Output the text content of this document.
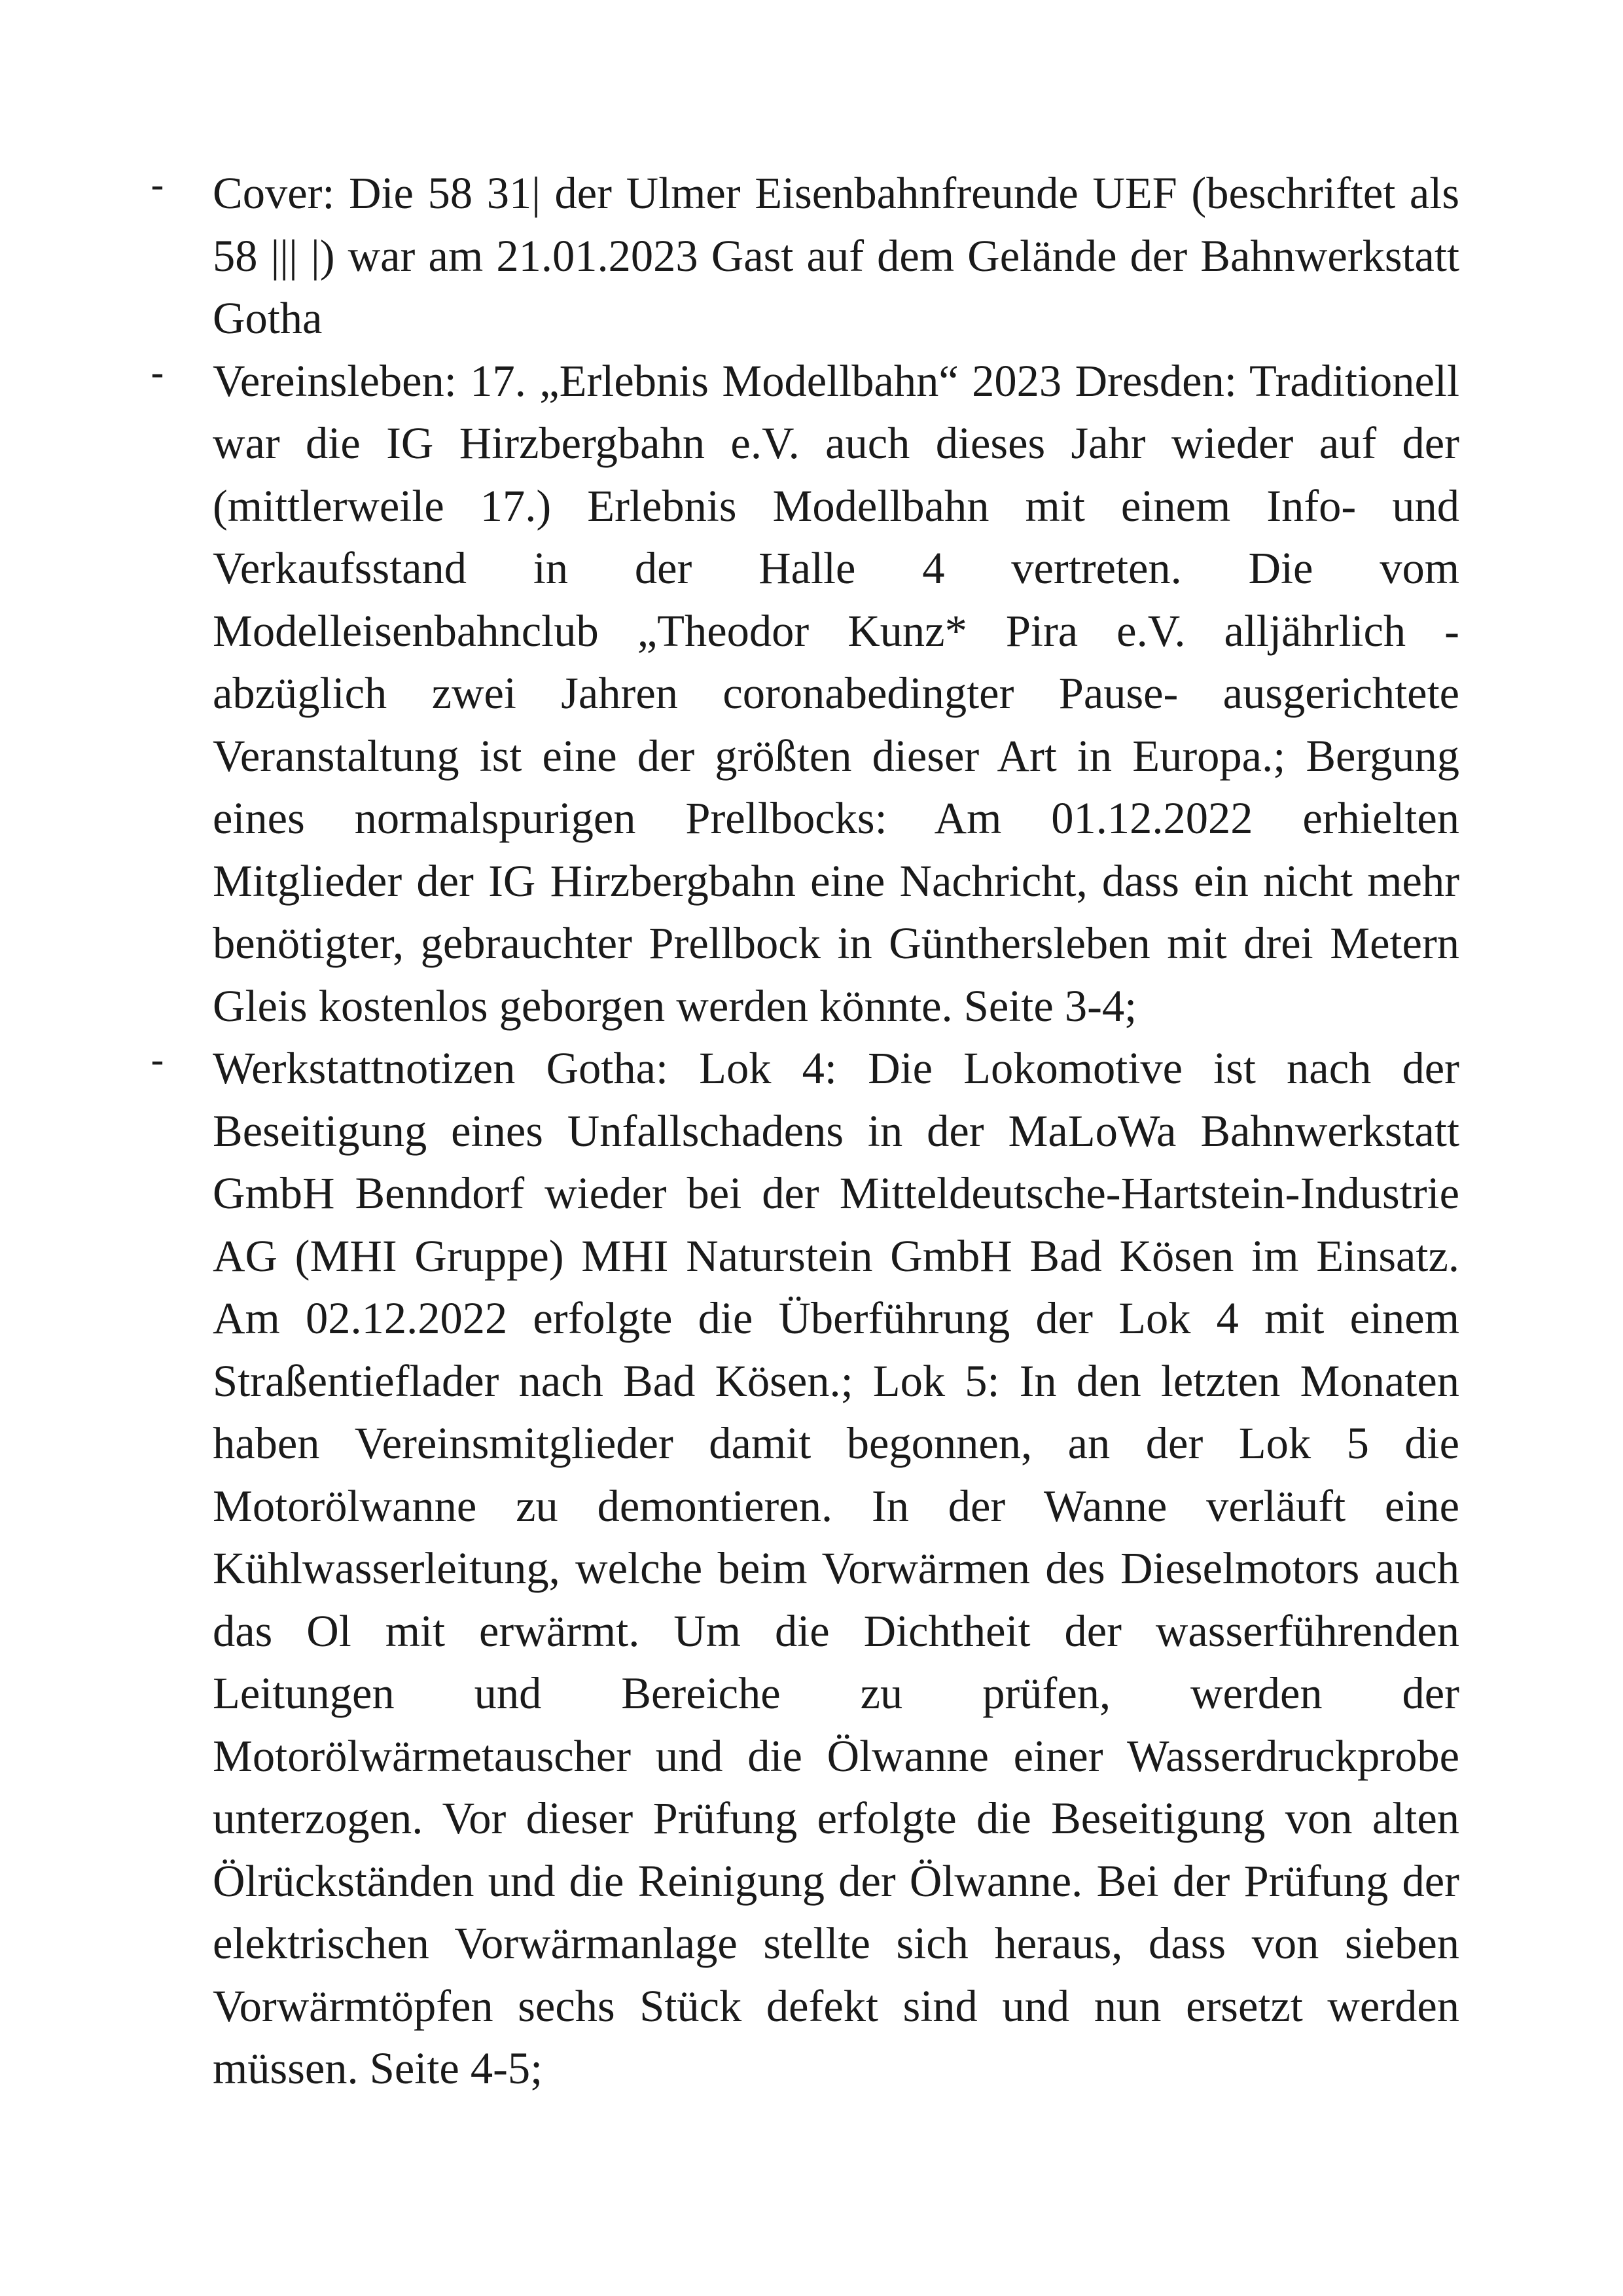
- Cover: Die 58 31| der Ulmer Eisenbahnfreunde UEF (beschriftet als 58 ||| |) war am 21.01.2023 Gast auf dem Gelände der Bahnwerkstatt Gotha
- Vereinsleben: 17. „Erlebnis Modellbahn“ 2023 Dresden: Traditionell war die IG Hirzbergbahn e.V. auch dieses Jahr wieder auf der (mittlerweile 17.) Erlebnis Modellbahn mit einem Info- und Verkaufsstand in der Halle 4 vertreten. Die vom Modelleisenbahnclub „Theodor Kunz* Pira e.V. alljährlich - abzüglich zwei Jahren coronabedingter Pause- ausgerichtete Veranstaltung ist eine der größten dieser Art in Europa.; Bergung eines normalspurigen Prellbocks: Am 01.12.2022 erhielten Mitglieder der IG Hirzbergbahn eine Nachricht, dass ein nicht mehr benötigter, gebrauchter Prellbock in Günthersleben mit drei Metern Gleis kostenlos geborgen werden könnte. Seite 3-4;
- Werkstattnotizen Gotha: Lok 4: Die Lokomotive ist nach der Beseitigung eines Unfallschadens in der MaLoWa Bahnwerkstatt GmbH Benndorf wieder bei der Mitteldeutsche-Hartstein-Industrie AG (MHI Gruppe) MHI Naturstein GmbH Bad Kösen im Einsatz. Am 02.12.2022 erfolgte die Überführung der Lok 4 mit einem Straßentieflader nach Bad Kösen.; Lok 5: In den letzten Monaten haben Vereinsmitglieder damit begonnen, an der Lok 5 die Motorölwanne zu demontieren. In der Wanne verläuft eine Kühlwasserleitung, welche beim Vorwärmen des Dieselmotors auch das Ol mit erwärmt. Um die Dichtheit der wasserführenden Leitungen und Bereiche zu prüfen, werden der Motorölwärmetauscher und die Ölwanne einer Wasserdruckprobe unterzogen. Vor dieser Prüfung erfolgte die Beseitigung von alten Ölrückständen und die Reinigung der Ölwanne. Bei der Prüfung der elektrischen Vorwärmanlage stellte sich heraus, dass von sieben Vorwärmtöpfen sechs Stück defekt sind und nun ersetzt werden müssen. Seite 4-5;
